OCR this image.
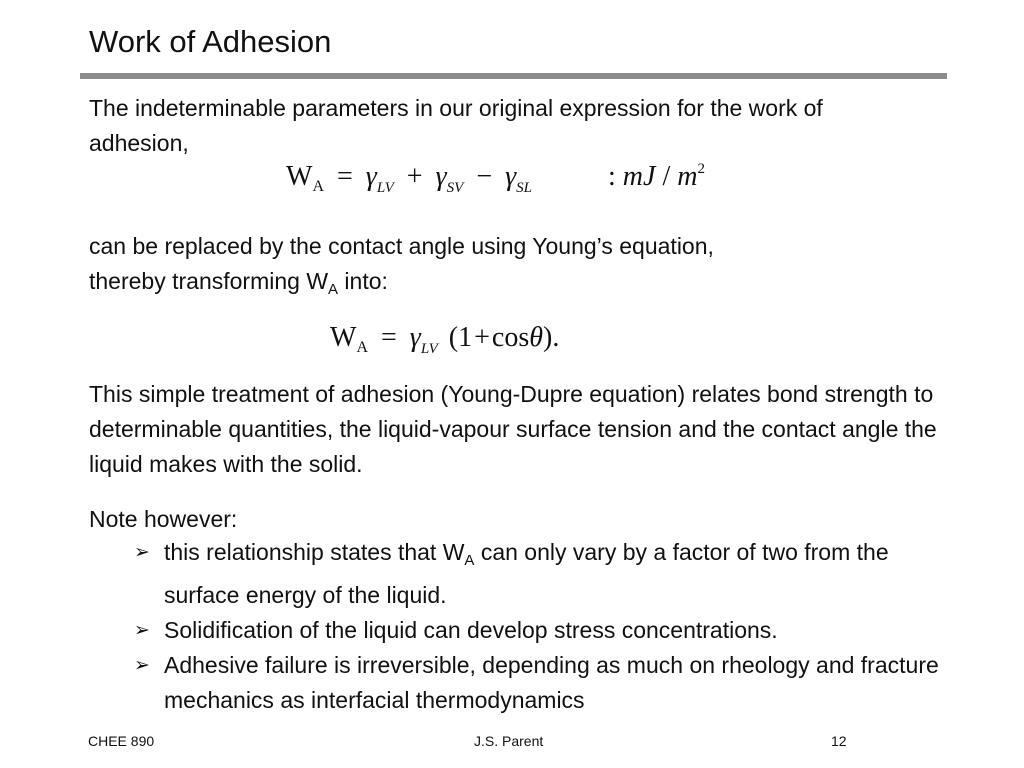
Work of Adhesion

The indeterminable parameters in our original expression for the work of adhesion,

$W_A = \gamma_{LV} + \gamma_{SV} - \gamma_{SL}$	: mJ / $m^2$

can be replaced by the contact angle using Young’s equation,
thereby transforming $W_A$ into:

$W_A = \gamma_{LV}$ (1+cosθ).

This simple treatment of adhesion (Young-Dupre equation) relates bond strength to determinable quantities, the liquid-vapour surface tension and the contact angle the liquid makes with the solid.

Note however:

➢ this relationship states that $W_A$ can only vary by a factor of two from the surface energy of the liquid.
➢ Solidification of the liquid can develop stress concentrations.
➢ Adhesive failure is irreversible, depending as much on rheology and fracture mechanics as interfacial thermodynamics
CHEE 890	J.S. Parent	12
